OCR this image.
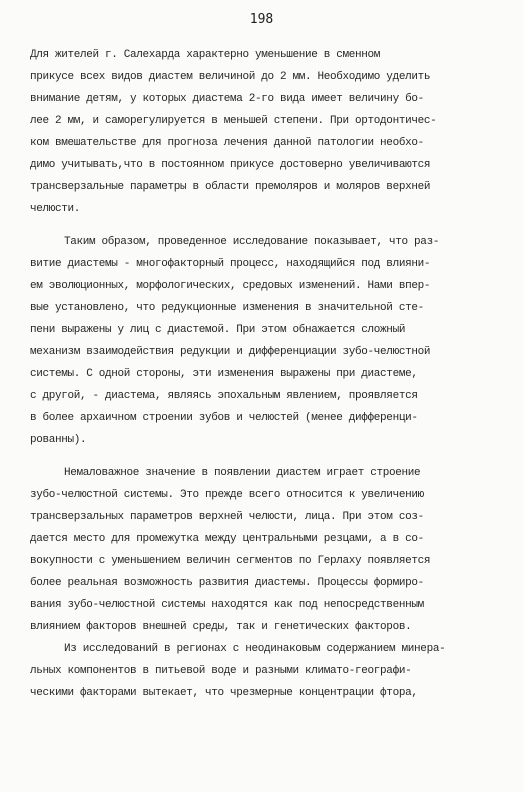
198
Для жителей г. Салехарда характерно уменьшение в сменном
прикусе всех видов диастем величиной до 2 мм. Необходимо уделить
внимание детям, у которых диастема 2-го вида имеет величину бо-
лее 2 мм, и саморегулируется в меньшей степени. При ортодонтичес-
ком вмешательстве для прогноза лечения данной патологии необхо-
димо учитывать,что в постоянном прикусе достоверно увеличиваются
трансверзальные параметры в области премоляров и моляров верхней
челюсти.
Таким образом, проведенное исследование показывает, что раз-
витие диастемы - многофакторный процесс, находящийся под влияни-
ем эволюционных, морфологических, средовых изменений. Нами впер-
вые установлено, что редукционные изменения в значительной сте-
пени выражены у лиц с диастемой. При этом обнажается сложный
механизм взаимодействия редукции и дифференциации зубо-челюстной
системы. С одной стороны, эти изменения выражены при диастеме,
с другой, - диастема, являясь эпохальным явлением, проявляется
в более архаичном строении зубов и челюстей (менее дифференци-
рованны).
Немаловажное значение в появлении диастем играет строение
зубо-челюстной системы. Это прежде всего относится к увеличению
трансверзальных параметров верхней челюсти, лица. При этом соз-
дается место для промежутка между центральными резцами, а в со-
вокупности с уменьшением величин сегментов по Герлаху появляется
более реальная возможность развития диастемы. Процессы формиро-
вания зубо-челюстной системы находятся как под непосредственным
влиянием факторов внешней среды, так и генетических факторов.
Из исследований в регионах с неодинаковым содержанием минера-
льных компонентов в питьевой воде и разными климато-географи-
ческими факторами вытекает, что чрезмерные концентрации фтора,
